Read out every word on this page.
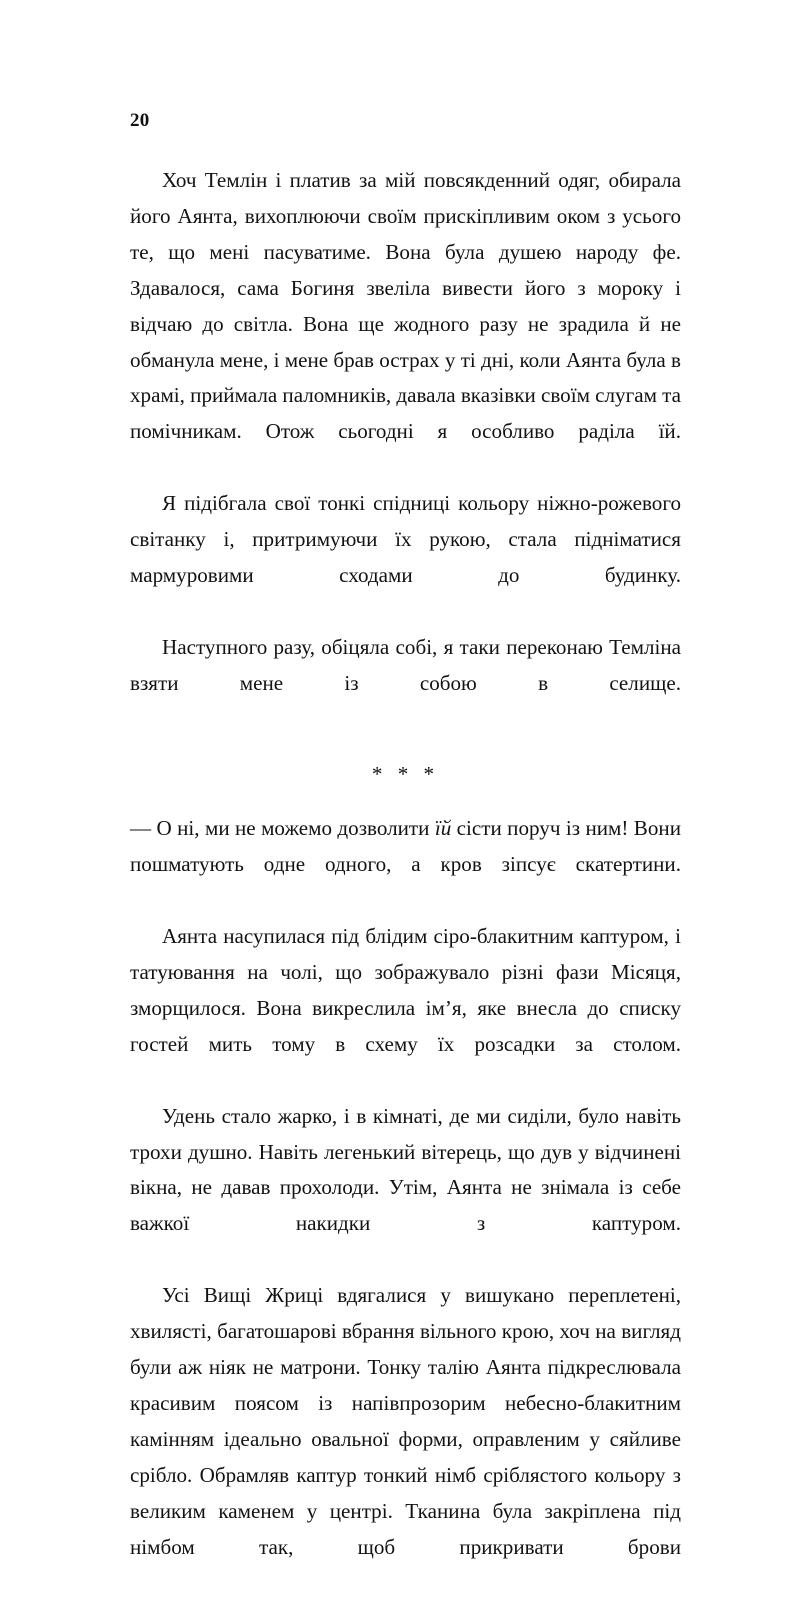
20

Хоч Темлін і платив за мій повсякденний одяг, обирала його Аянта, вихоплюючи своїм прискіпливим оком з усього те, що мені пасуватиме. Вона була душею народу фе. Здавалося, сама Богиня звеліла вивести його з мороку і відчаю до світла. Вона ще жодного разу не зрадила й не обманула мене, і мене брав острах у ті дні, коли Аянта була в храмі, приймала паломників, давала вказівки своїм слугам та помічникам. Отож сьогодні я особливо раділа їй.

Я підібгала свої тонкі спідниці кольору ніжно-рожевого світанку і, притримуючи їх рукою, стала підніматися мармуровими сходами до будинку.

Наступного разу, обіцяла собі, я таки переконаю Темліна взяти мене із собою в селище.

* * *

— О ні, ми не можемо дозволити їй сісти поруч із ним! Вони пошматують одне одного, а кров зіпсує скатертини.

Аянта насупилася під блідим сіро-блакитним каптуром, і татуювання на чолі, що зображувало різні фази Місяця, зморщилося. Вона викреслила ім’я, яке внесла до списку гостей мить тому в схему їх розсадки за столом.

Удень стало жарко, і в кімнаті, де ми сиділи, було навіть трохи душно. Навіть легенький вітерець, що дув у відчинені вікна, не давав прохолоди. Утім, Аянта не знімала із себе важкої накидки з каптуром.

Усі Вищі Жриці вдягалися у вишукано переплетені, хвилясті, багатошарові вбрання вільного крою, хоч на вигляд були аж ніяк не матрони. Тонку талію Аянта підкреслювала красивим поясом із напівпрозорим небесно-блакитним камінням ідеально овальної форми, оправленим у сяйливе срібло. Обрамляв каптур тонкий німб сріблястого кольору з великим каменем у центрі. Тканина була закріплена під німбом так, щоб прикривати брови
